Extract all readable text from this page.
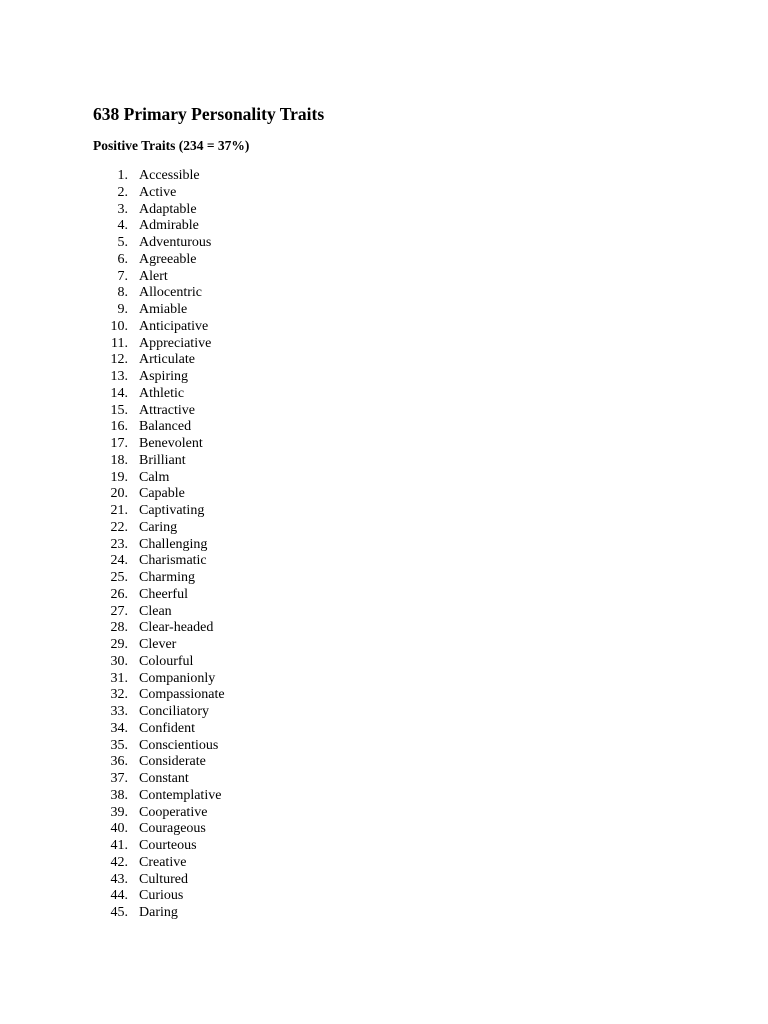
638 Primary Personality Traits
Positive Traits (234 = 37%)
1. Accessible
2. Active
3. Adaptable
4. Admirable
5. Adventurous
6. Agreeable
7. Alert
8. Allocentric
9. Amiable
10. Anticipative
11. Appreciative
12. Articulate
13. Aspiring
14. Athletic
15. Attractive
16. Balanced
17. Benevolent
18. Brilliant
19. Calm
20. Capable
21. Captivating
22. Caring
23. Challenging
24. Charismatic
25. Charming
26. Cheerful
27. Clean
28. Clear-headed
29. Clever
30. Colourful
31. Companionly
32. Compassionate
33. Conciliatory
34. Confident
35. Conscientious
36. Considerate
37. Constant
38. Contemplative
39. Cooperative
40. Courageous
41. Courteous
42. Creative
43. Cultured
44. Curious
45. Daring
